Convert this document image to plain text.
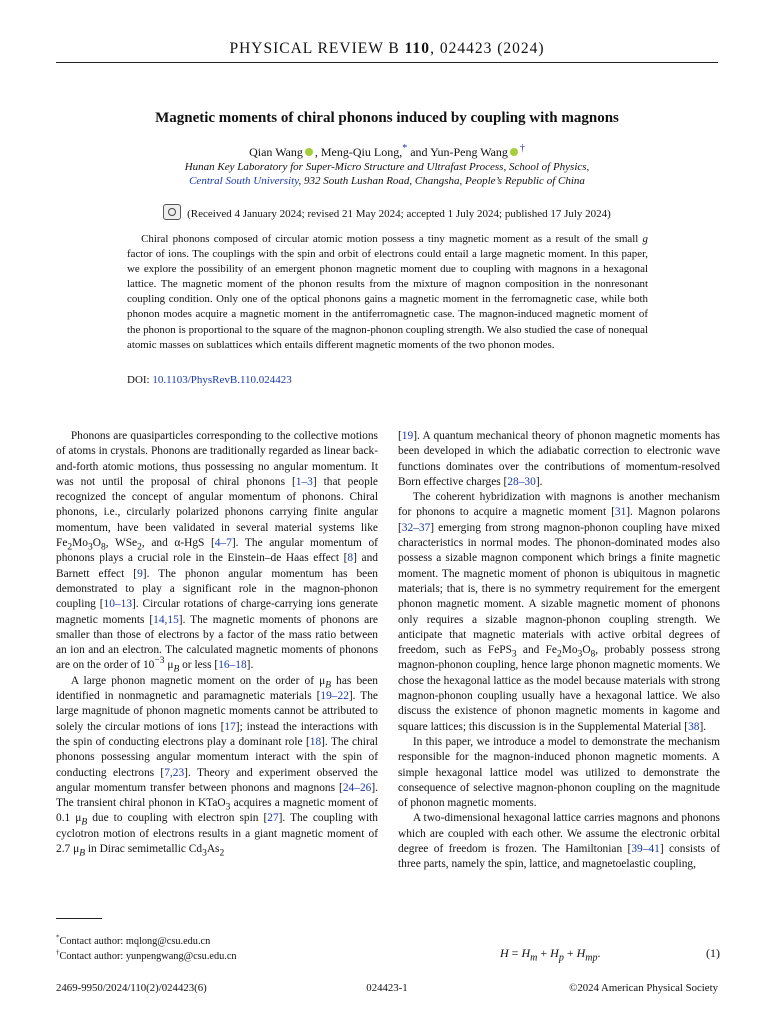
PHYSICAL REVIEW B 110, 024423 (2024)
Magnetic moments of chiral phonons induced by coupling with magnons
Qian Wang , Meng-Qiu Long,* and Yun-Peng Wang †
Hunan Key Laboratory for Super-Micro Structure and Ultrafast Process, School of Physics,
Central South University, 932 South Lushan Road, Changsha, People’s Republic of China
(Received 4 January 2024; revised 21 May 2024; accepted 1 July 2024; published 17 July 2024)
Chiral phonons composed of circular atomic motion possess a tiny magnetic moment as a result of the small g factor of ions. The couplings with the spin and orbit of electrons could entail a large magnetic moment. In this paper, we explore the possibility of an emergent phonon magnetic moment due to coupling with magnons in a hexagonal lattice. The magnetic moment of the phonon results from the mixture of magnon composition in the nonresonant coupling condition. Only one of the optical phonons gains a magnetic moment in the ferromagnetic case, while both phonon modes acquire a magnetic moment in the antiferromagnetic case. The magnon-induced magnetic moment of the phonon is proportional to the square of the magnon-phonon coupling strength. We also studied the case of nonequal atomic masses on sublattices which entails different magnetic moments of the two phonon modes.
DOI: 10.1103/PhysRevB.110.024423

Phonons are quasiparticles corresponding to the collective motions of atoms in crystals. Phonons are traditionally regarded as linear back-and-forth atomic motions, thus possessing no angular momentum. It was not until the proposal of chiral phonons [1–3] that people recognized the concept of angular momentum of phonons. Chiral phonons, i.e., circularly polarized phonons carrying finite angular momentum, have been validated in several material systems like $Fe_2Mo_3O_8$, WSe$_2$, and α-HgS [4–7]. The angular momentum of phonons plays a crucial role in the Einstein–de Haas effect [8] and Barnett effect [9]. The phonon angular momentum has been demonstrated to play a significant role in the magnon-phonon coupling [10–13]. Circular rotations of charge-carrying ions generate magnetic moments [14,15]. The magnetic moments of phonons are smaller than those of electrons by a factor of the mass ratio between an ion and an electron. The calculated magnetic moments of phonons are on the order of $10^{-3}$ $\mu_B$ or less [16–18].

A large phonon magnetic moment on the order of $\mu_B$ has been identified in nonmagnetic and paramagnetic materials [19–22]. The large magnitude of phonon magnetic moments cannot be attributed to solely the circular motions of ions [17]; instead the interactions with the spin of conducting electrons play a dominant role [18]. The chiral phonons possessing angular momentum interact with the spin of conducting electrons [7,23]. Theory and experiment observed the angular momentum transfer between phonons and magnons [24–26]. The transient chiral phonon in KTaO$_3$ acquires a magnetic moment of 0.1 $\mu_B$ due to coupling with electron spin [27]. The coupling with cyclotron motion of electrons results in a giant magnetic moment of 2.7 $\mu_B$ in Dirac semimetallic $Cd_3As_2$

[19]. A quantum mechanical theory of phonon magnetic moments has been developed in which the adiabatic correction to electronic wave functions dominates over the contributions of momentum-resolved Born effective charges [28–30].

The coherent hybridization with magnons is another mechanism for phonons to acquire a magnetic moment [31]. Magnon polarons [32–37] emerging from strong magnon-phonon coupling have mixed characteristics in normal modes. The phonon-dominated modes also possess a sizable magnon component which brings a finite magnetic moment. The magnetic moment of phonon is ubiquitous in magnetic materials; that is, there is no symmetry requirement for the emergent phonon magnetic moment. A sizable magnetic moment of phonons only requires a sizable magnon-phonon coupling strength. We anticipate that magnetic materials with active orbital degrees of freedom, such as FePS$_3$ and $Fe_2Mo_3O_8$, probably possess strong magnon-phonon coupling, hence large phonon magnetic moments. We chose the hexagonal lattice as the model because materials with strong magnon-phonon coupling usually have a hexagonal lattice. We also discuss the existence of phonon magnetic moments in kagome and square lattices; this discussion is in the Supplemental Material [38].

In this paper, we introduce a model to demonstrate the mechanism responsible for the magnon-induced phonon magnetic moments. A simple hexagonal lattice model was utilized to demonstrate the consequence of selective magnon-phonon coupling on the magnitude of phonon magnetic moments.

A two-dimensional hexagonal lattice carries magnons and phonons which are coupled with each other. We assume the electronic orbital degree of freedom is frozen. The Hamiltonian [39–41] consists of three parts, namely the spin, lattice, and magnetoelastic coupling,

*Contact author: mqlong@csu.edu.cn
†Contact author: yunpengwang@csu.edu.cn	$H = H_m + H_p + H_{mp}$.	(1)
2469-9950/2024/110(2)/024423(6)	024423-1	©2024 American Physical Society
